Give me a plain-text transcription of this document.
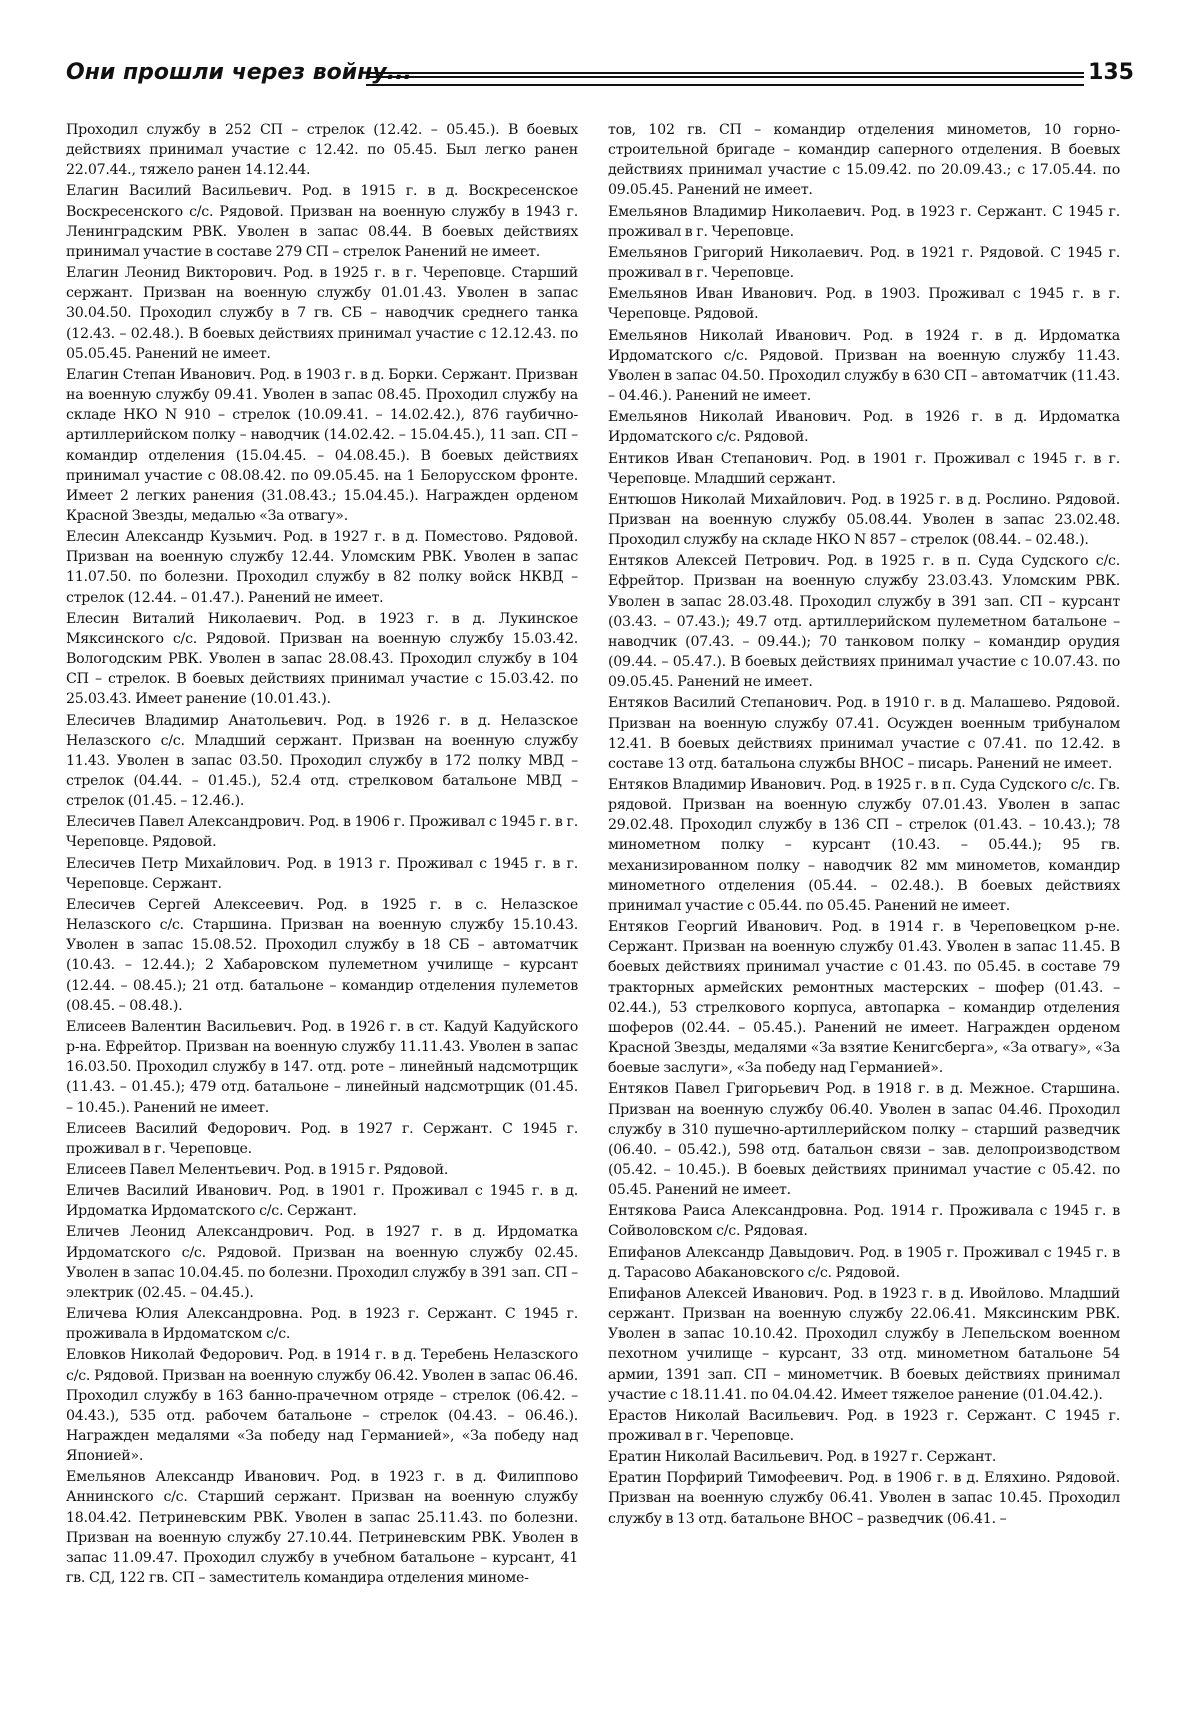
Они прошли через войну...	135

Проходил службу в 252 СП – стрелок (12.42. – 05.45.). В боевых действиях принимал участие с 12.42. по 05.45. Был легко ранен 22.07.44., тяжело ранен 14.12.44.

Елагин Василий Васильевич. Род. в 1915 г. в д. Воскресенское Воскресенского с/с. Рядовой. Призван на военную службу в 1943 г. Ленинградским РВК. Уволен в запас 08.44. В боевых действиях принимал участие в составе 279 СП – стрелок Ранений не имеет.

Елагин Леонид Викторович. Род. в 1925 г. в г. Череповце. Старший сержант. Призван на военную службу 01.01.43. Уволен в запас 30.04.50. Проходил службу в 7 гв. СБ – наводчик среднего танка (12.43. – 02.48.). В боевых действиях принимал участие с 12.12.43. по 05.05.45. Ранений не имеет.

Елагин Степан Иванович. Род. в 1903 г. в д. Борки. Сержант. Призван на военную службу 09.41. Уволен в запас 08.45. Проходил службу на складе НКО N 910 – стрелок (10.09.41. – 14.02.42.), 876 гаубично-артиллерийском полку – наводчик (14.02.42. – 15.04.45.), 11 зап. СП – командир отделения (15.04.45. – 04.08.45.). В боевых действиях принимал участие с 08.08.42. по 09.05.45. на 1 Белорусском фронте. Имеет 2 легких ранения (31.08.43.; 15.04.45.). Награжден орденом Красной Звезды, медалью «За отвагу».

Елесин Александр Кузьмич. Род. в 1927 г. в д. Поместово. Рядовой. Призван на военную службу 12.44. Уломским РВК. Уволен в запас 11.07.50. по болезни. Проходил службу в 82 полку войск НКВД – стрелок (12.44. – 01.47.). Ранений не имеет.

Елесин Виталий Николаевич. Род. в 1923 г. в д. Лукинское Мяксинского с/с. Рядовой. Призван на военную службу 15.03.42. Вологодским РВК. Уволен в запас 28.08.43. Проходил службу в 104 СП – стрелок. В боевых действиях принимал участие с 15.03.42. по 25.03.43. Имеет ранение (10.01.43.).

Елесичев Владимир Анатольевич. Род. в 1926 г. в д. Нелазское Нелазского с/с. Младший сержант. Призван на военную службу 11.43. Уволен в запас 03.50. Проходил службу в 172 полку МВД – стрелок (04.44. – 01.45.), 52.4 отд. стрелковом батальоне МВД – стрелок (01.45. – 12.46.).

Елесичев Павел Александрович. Род. в 1906 г. Проживал с 1945 г. в г. Череповце. Рядовой.

Елесичев Петр Михайлович. Род. в 1913 г. Проживал с 1945 г. в г. Череповце. Сержант.

Елесичев Сергей Алексеевич. Род. в 1925 г. в с. Нелазское Нелазского с/с. Старшина. Призван на военную службу 15.10.43. Уволен в запас 15.08.52. Проходил службу в 18 СБ – автоматчик (10.43. – 12.44.); 2 Хабаровском пулеметном училище – курсант (12.44. – 08.45.); 21 отд. батальоне – командир отделения пулеметов (08.45. – 08.48.).

Елисеев Валентин Васильевич. Род. в 1926 г. в ст. Кадуй Кадуйского р-на. Ефрейтор. Призван на военную службу 11.11.43. Уволен в запас 16.03.50. Проходил службу в 147. отд. роте – линейный надсмотрщик (11.43. – 01.45.); 479 отд. батальоне – линейный надсмотрщик (01.45. – 10.45.). Ранений не имеет.

Елисеев Василий Федорович. Род. в 1927 г. Сержант. С 1945 г. проживал в г. Череповце.

Елисеев Павел Мелентьевич. Род. в 1915 г. Рядовой.

Еличев Василий Иванович. Род. в 1901 г. Проживал с 1945 г. в д. Ирдоматка Ирдоматского с/с. Сержант.

Еличев Леонид Александрович. Род. в 1927 г. в д. Ирдоматка Ирдоматского с/с. Рядовой. Призван на военную службу 02.45. Уволен в запас 10.04.45. по болезни. Проходил службу в 391 зап. СП – электрик (02.45. – 04.45.).

Еличева Юлия Александровна. Род. в 1923 г. Сержант. С 1945 г. проживала в Ирдоматском с/с.

Еловков Николай Федорович. Род. в 1914 г. в д. Теребень Нелазского с/с. Рядовой. Призван на военную службу 06.42. Уволен в запас 06.46. Проходил службу в 163 банно-прачечном отряде – стрелок (06.42. – 04.43.), 535 отд. рабочем батальоне – стрелок (04.43. – 06.46.). Награжден медалями «За победу над Германией», «За победу над Японией».

Емельянов Александр Иванович. Род. в 1923 г. в д. Филиппово Аннинского с/с. Старший сержант. Призван на военную службу 18.04.42. Петриневским РВК. Уволен в запас 25.11.43. по болезни. Призван на военную службу 27.10.44. Петриневским РВК. Уволен в запас 11.09.47. Проходил службу в учебном батальоне – курсант, 41 гв. СД, 122 гв. СП – заместитель командира отделения миноме-

тов, 102 гв. СП – командир отделения минометов, 10 горно-строительной бригаде – командир саперного отделения. В боевых действиях принимал участие с 15.09.42. по 20.09.43.; с 17.05.44. по 09.05.45. Ранений не имеет.

Емельянов Владимир Николаевич. Род. в 1923 г. Сержант. С 1945 г. проживал в г. Череповце.

Емельянов Григорий Николаевич. Род. в 1921 г. Рядовой. С 1945 г. проживал в г. Череповце.

Емельянов Иван Иванович. Род. в 1903. Проживал с 1945 г. в г. Череповце. Рядовой.

Емельянов Николай Иванович. Род. в 1924 г. в д. Ирдоматка Ирдоматского с/с. Рядовой. Призван на военную службу 11.43. Уволен в запас 04.50. Проходил службу в 630 СП – автоматчик (11.43. – 04.46.). Ранений не имеет.

Емельянов Николай Иванович. Род. в 1926 г. в д. Ирдоматка Ирдоматского с/с. Рядовой.

Ентиков Иван Степанович. Род. в 1901 г. Проживал с 1945 г. в г. Череповце. Младший сержант.

Ентюшов Николай Михайлович. Род. в 1925 г. в д. Рослино. Рядовой. Призван на военную службу 05.08.44. Уволен в запас 23.02.48. Проходил службу на складе НКО N 857 – стрелок (08.44. – 02.48.).

Ентяков Алексей Петрович. Род. в 1925 г. в п. Суда Судского с/с. Ефрейтор. Призван на военную службу 23.03.43. Уломским РВК. Уволен в запас 28.03.48. Проходил службу в 391 зап. СП – курсант (03.43. – 07.43.); 49.7 отд. артиллерийском пулеметном батальоне – наводчик (07.43. – 09.44.); 70 танковом полку – командир орудия (09.44. – 05.47.). В боевых действиях принимал участие с 10.07.43. по 09.05.45. Ранений не имеет.

Ентяков Василий Степанович. Род. в 1910 г. в д. Малашево. Рядовой. Призван на военную службу 07.41. Осужден военным трибуналом 12.41. В боевых действиях принимал участие с 07.41. по 12.42. в составе 13 отд. батальона службы ВНОС – писарь. Ранений не имеет.

Ентяков Владимир Иванович. Род. в 1925 г. в п. Суда Судского с/с. Гв. рядовой. Призван на военную службу 07.01.43. Уволен в запас 29.02.48. Проходил службу в 136 СП – стрелок (01.43. – 10.43.); 78 минометном полку – курсант (10.43. – 05.44.); 95 гв. механизированном полку – наводчик 82 мм минометов, командир минометного отделения (05.44. – 02.48.). В боевых действиях принимал участие с 05.44. по 05.45. Ранений не имеет.

Ентяков Георгий Иванович. Род. в 1914 г. в Череповецком р-не. Сержант. Призван на военную службу 01.43. Уволен в запас 11.45. В боевых действиях принимал участие с 01.43. по 05.45. в составе 79 тракторных армейских ремонтных мастерских – шофер (01.43. – 02.44.), 53 стрелкового корпуса, автопарка – командир отделения шоферов (02.44. – 05.45.). Ранений не имеет. Награжден орденом Красной Звезды, медалями «За взятие Кенигсберга», «За отвагу», «За боевые заслуги», «За победу над Германией».

Ентяков Павел Григорьевич Род. в 1918 г. в д. Межное. Старшина. Призван на военную службу 06.40. Уволен в запас 04.46. Проходил службу в 310 пушечно-артиллерийском полку – старший разведчик (06.40. – 05.42.), 598 отд. батальон связи – зав. делопроизводством (05.42. – 10.45.). В боевых действиях принимал участие с 05.42. по 05.45. Ранений не имеет.

Ентякова Раиса Александровна. Род. 1914 г. Проживала с 1945 г. в Сойволовском с/с. Рядовая.

Епифанов Александр Давыдович. Род. в 1905 г. Проживал с 1945 г. в д. Тарасово Абакановского с/с. Рядовой.

Епифанов Алексей Иванович. Род. в 1923 г. в д. Ивойлово. Младший сержант. Призван на военную службу 22.06.41. Мяксинским РВК. Уволен в запас 10.10.42. Проходил службу в Лепельском военном пехотном училище – курсант, 33 отд. минометном батальоне 54 армии, 1391 зап. СП – минометчик. В боевых действиях принимал участие с 18.11.41. по 04.04.42. Имеет тяжелое ранение (01.04.42.).

Ерастов Николай Васильевич. Род. в 1923 г. Сержант. С 1945 г. проживал в г. Череповце.

Ератин Николай Васильевич. Род. в 1927 г. Сержант.

Ератин Порфирий Тимофеевич. Род. в 1906 г. в д. Еляхино. Рядовой. Призван на военную службу 06.41. Уволен в запас 10.45. Проходил службу в 13 отд. батальоне ВНОС – разведчик (06.41. –
